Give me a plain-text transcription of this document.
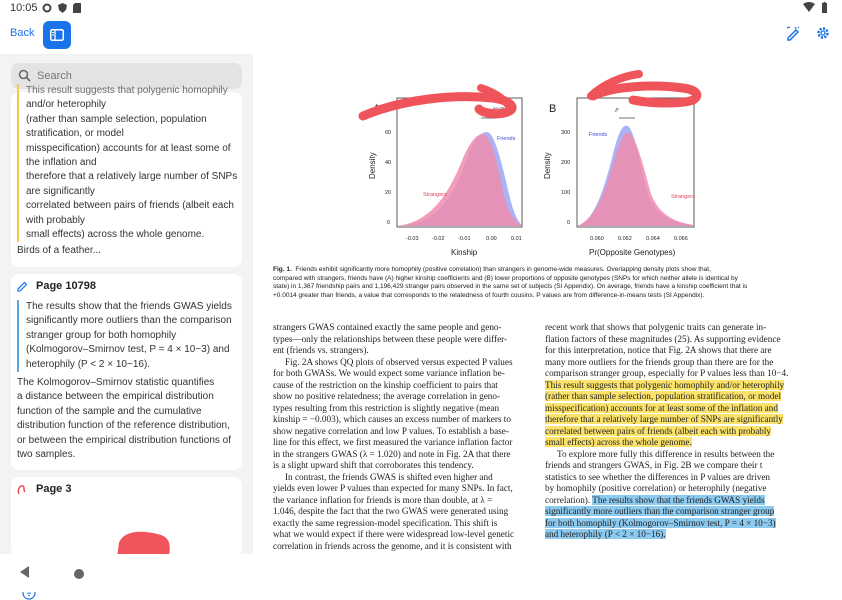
10:05
Back
Search
This result suggests that polygenic homophily
and/or heterophily
(rather than sample selection, population
stratification, or model
misspecification) accounts for at least some of
the inflation and
therefore that a relatively large number of SNPs
are significantly
correlated between pairs of friends (albeit each
with probably
small effects) across the whole genome.
Birds of a feather...
Page 10798
The results show that the friends GWAS yields
significantly more outliers than the comparison
stranger group for both homophily
(Kolmogorov–Smirnov test, P = 4 × 10−3) and
heterophily (P < 2 × 10−16).
The Kolmogorov–Smirnov statistic quantifies
a distance between the empirical distribution
function of the sample and the cumulative
distribution function of the reference distribution,
or between the empirical distribution functions of
two samples.
Page 3
A
Friends
Strangers
6e-06
-0.03 -0.02 -0.01	0.00	0.01
0
20
40
60
Kinship
Density
B
Friends
Strangers
P
0.060	0.062	0.064	0.066
0
100
200
300
Pr(Opposite Genotypes)
Density
Fig. 1. Friends exhibit significantly more homophily (positive correlation) than strangers in genome-wide measures. Overlapping density plots show that,
compared with strangers, friends have (A) higher kinship coefficients and (B) lower proportions of opposite genotypes (SNPs for which neither allele is identical by
state) in 1,367 friendship pairs and 1,196,429 stranger pairs observed in the same set of subjects (SI Appendix). On average, friends have a kinship coefficient that is
+0.0014 greater than friends, a value that corresponds to the relatedness of fourth cousins. P values are from difference-in-means tests (SI Appendix).
strangers GWAS contained exactly the same people and geno-
types—only the relationships between these people were differ-
ent (friends vs. strangers).
Fig. 2A shows QQ plots of observed versus expected P values
for both GWASs. We would expect some variance inflation be-
cause of the restriction on the kinship coefficient to pairs that
show no positive relatedness; the average correlation in geno-
types resulting from this restriction is slightly negative (mean
kinship = −0.003), which causes an excess number of markers to
show negative correlation and low P values. To establish a base-
line for this effect, we first measured the variance inflation factor
in the strangers GWAS (λ = 1.020) and note in Fig. 2A that there
is a slight upward shift that corroborates this tendency.
In contrast, the friends GWAS is shifted even higher and
yields even lower P values than expected for many SNPs. In fact,
the variance inflation for friends is more than double, at λ =
1.046, despite the fact that the two GWAS were generated using
exactly the same regression-model specification. This shift is
what we would expect if there were widespread low-level genetic
correlation in friends across the genome, and it is consistent with
recent work that shows that polygenic traits can generate in-
flation factors of these magnitudes (25). As supporting evidence
for this interpretation, notice that Fig. 2A shows that there are
many more outliers for the friends group than there are for the
comparison stranger group, especially for P values less than 10−4.
This result suggests that polygenic homophily and/or heterophily
(rather than sample selection, population stratification, or model
misspecification) accounts for at least some of the inflation and
therefore that a relatively large number of SNPs are significantly
correlated between pairs of friends (albeit each with probably
small effects) across the whole genome.
To explore more fully this difference in results between the
friends and strangers GWAS, in Fig. 2B we compare their t
statistics to see whether the differences in P values are driven
by homophily (positive correlation) or heterophily (negative
correlation). The results show that the friends GWAS yields
significantly more outliers than the comparison stranger group
for both homophily (Kolmogorov–Smirnov test, P = 4 × 10−3)
and heterophily (P < 2 × 10−16).
